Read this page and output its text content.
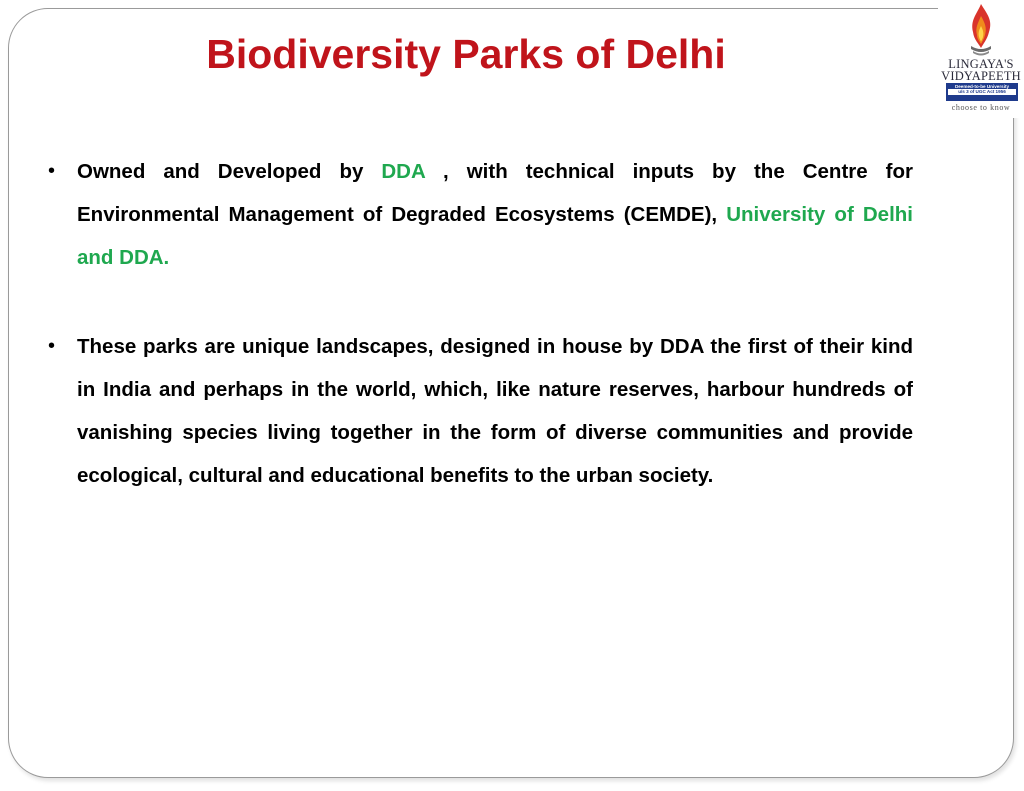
Biodiversity Parks of Delhi	LINGAYA'S
VIDYAPEETH
Deemed-to-be University
u/s 3 of UGC Act 1956
choose to know
• Owned and Developed by DDA , with technical inputs by the Centre for Environmental Management of Degraded Ecosystems (CEMDE), University of Delhi and DDA.

• These parks are unique landscapes, designed in house by DDA the first of their kind in India and perhaps in the world, which, like nature reserves, harbour hundreds of vanishing species living together in the form of diverse communities and provide ecological, cultural and educational benefits to the urban society.
